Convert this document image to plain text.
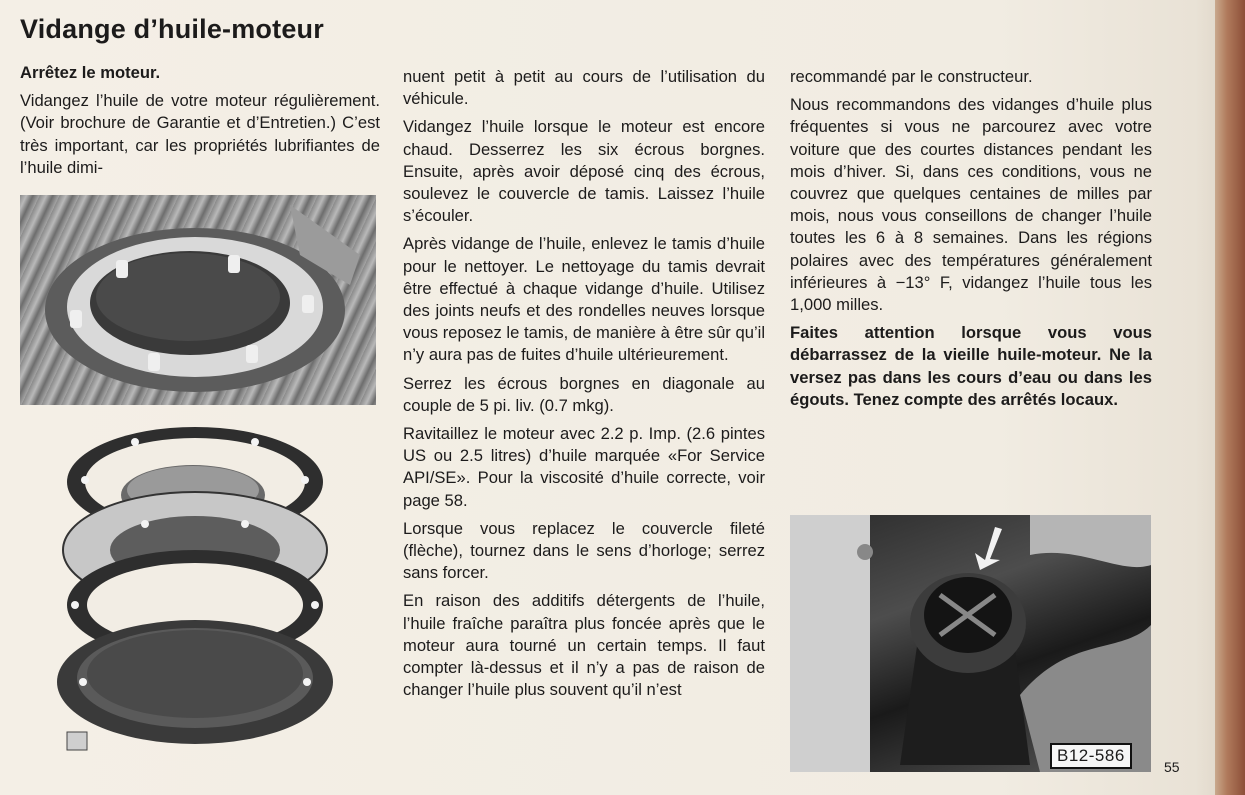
Vidange d’huile-moteur

Arrêtez le moteur.

Vidangez l’huile de votre moteur régulièrement. (Voir brochure de Garantie et d’Entretien.) C’est très important, car les propriétés lubrifiantes de l’huile dimi-

nuent petit à petit au cours de l’utilisation du véhicule.

Vidangez l’huile lorsque le moteur est encore chaud. Desserrez les six écrous borgnes. Ensuite, après avoir déposé cinq des écrous, soulevez le couvercle de tamis. Laissez l’huile s’écouler.

Après vidange de l’huile, enlevez le tamis d’huile pour le nettoyer. Le nettoyage du tamis devrait être effectué à chaque vidange d’huile. Utilisez des joints neufs et des rondelles neuves lorsque vous reposez le tamis, de manière à être sûr qu’il n’y aura pas de fuites d’huile ultérieurement.

Serrez les écrous borgnes en diagonale au couple de 5 pi. liv. (0.7 mkg).

Ravitaillez le moteur avec 2.2 p. Imp. (2.6 pintes US ou 2.5 litres) d’huile marquée «For Service API/SE». Pour la viscosité d’huile correcte, voir page 58.

Lorsque vous replacez le couvercle fileté (flèche), tournez dans le sens d’horloge; serrez sans forcer.

En raison des additifs détergents de l’huile, l’huile fraîche paraîtra plus foncée après que le moteur aura tourné un certain temps. Il faut compter là-dessus et il n’y a pas de raison de changer l’huile plus souvent qu’il n’est

recommandé par le constructeur.

Nous recommandons des vidanges d’huile plus fréquentes si vous ne parcourez avec votre voiture que des courtes distances pendant les mois d’hiver. Si, dans ces conditions, vous ne couvrez que quelques centaines de milles par mois, nous vous conseillons de changer l’huile toutes les 6 à 8 semaines. Dans les régions polaires avec des températures généralement inférieures à −13° F, vidangez l’huile tous les 1,000 milles.

Faites attention lorsque vous vous débarrassez de la vieille huile-moteur. Ne la versez pas dans les cours d’eau ou dans les égouts. Tenez compte des arrêtés locaux.

B12-586
55
